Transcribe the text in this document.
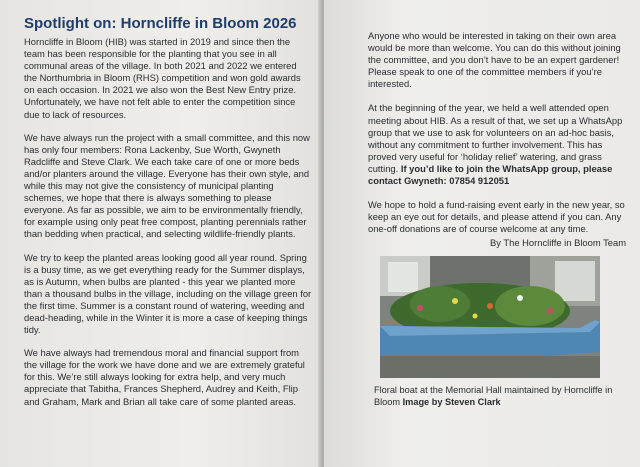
Spotlight on: Horncliffe in Bloom 2026

Horncliffe in Bloom (HIB) was started in 2019 and since then the team has been responsible for the planting that you see in all communal areas of the village. In both 2021 and 2022 we entered the Northumbria in Bloom (RHS) competition and won gold awards on each occasion. In 2021 we also won the Best New Entry prize. Unfortunately, we have not felt able to enter the competition since due to lack of resources.

We have always run the project with a small committee, and this now has only four members: Rona Lackenby, Sue Worth, Gwyneth Radcliffe and Steve Clark. We each take care of one or more beds and/or planters around the village. Everyone has their own style, and while this may not give the consistency of municipal planting schemes, we hope that there is always something to please everyone. As far as possible, we aim to be environmentally friendly, for example using only peat free compost, planting perennials rather than bedding when practical, and selecting wildlife-friendly plants.

We try to keep the planted areas looking good all year round. Spring is a busy time, as we get everything ready for the Summer displays, as is Autumn, when bulbs are planted - this year we planted more than a thousand bulbs in the village, including on the village green for the first time. Summer is a constant round of watering, weeding and dead-heading, while in the Winter it is more a case of keeping things tidy.

We have always had tremendous moral and financial support from the village for the work we have done and we are extremely grateful for this. We’re still always looking for extra help, and very much appreciate that Tabitha, Frances Shepherd, Audrey and Keith, Flip and Graham, Mark and Brian all take care of some planted areas.

Anyone who would be interested in taking on their own area would be more than welcome. You can do this without joining the committee, and you don’t have to be an expert gardener! Please speak to one of the committee members if you’re interested.

At the beginning of the year, we held a well attended open meeting about HIB. As a result of that, we set up a WhatsApp group that we use to ask for volunteers on an ad-hoc basis, without any commitment to further involvement. This has proved very useful for ‘holiday relief’ watering, and grass cutting. If you’d like to join the WhatsApp group, please contact Gwyneth: 07854 912051

We hope to hold a fund-raising event early in the new year, so keep an eye out for details, and please attend if you can. Any one-off donations are of course welcome at any time.

By The Horncliffe in Bloom Team
Floral boat at the Memorial Hall maintained by Horncliffe in Bloom Image by Steven Clark
